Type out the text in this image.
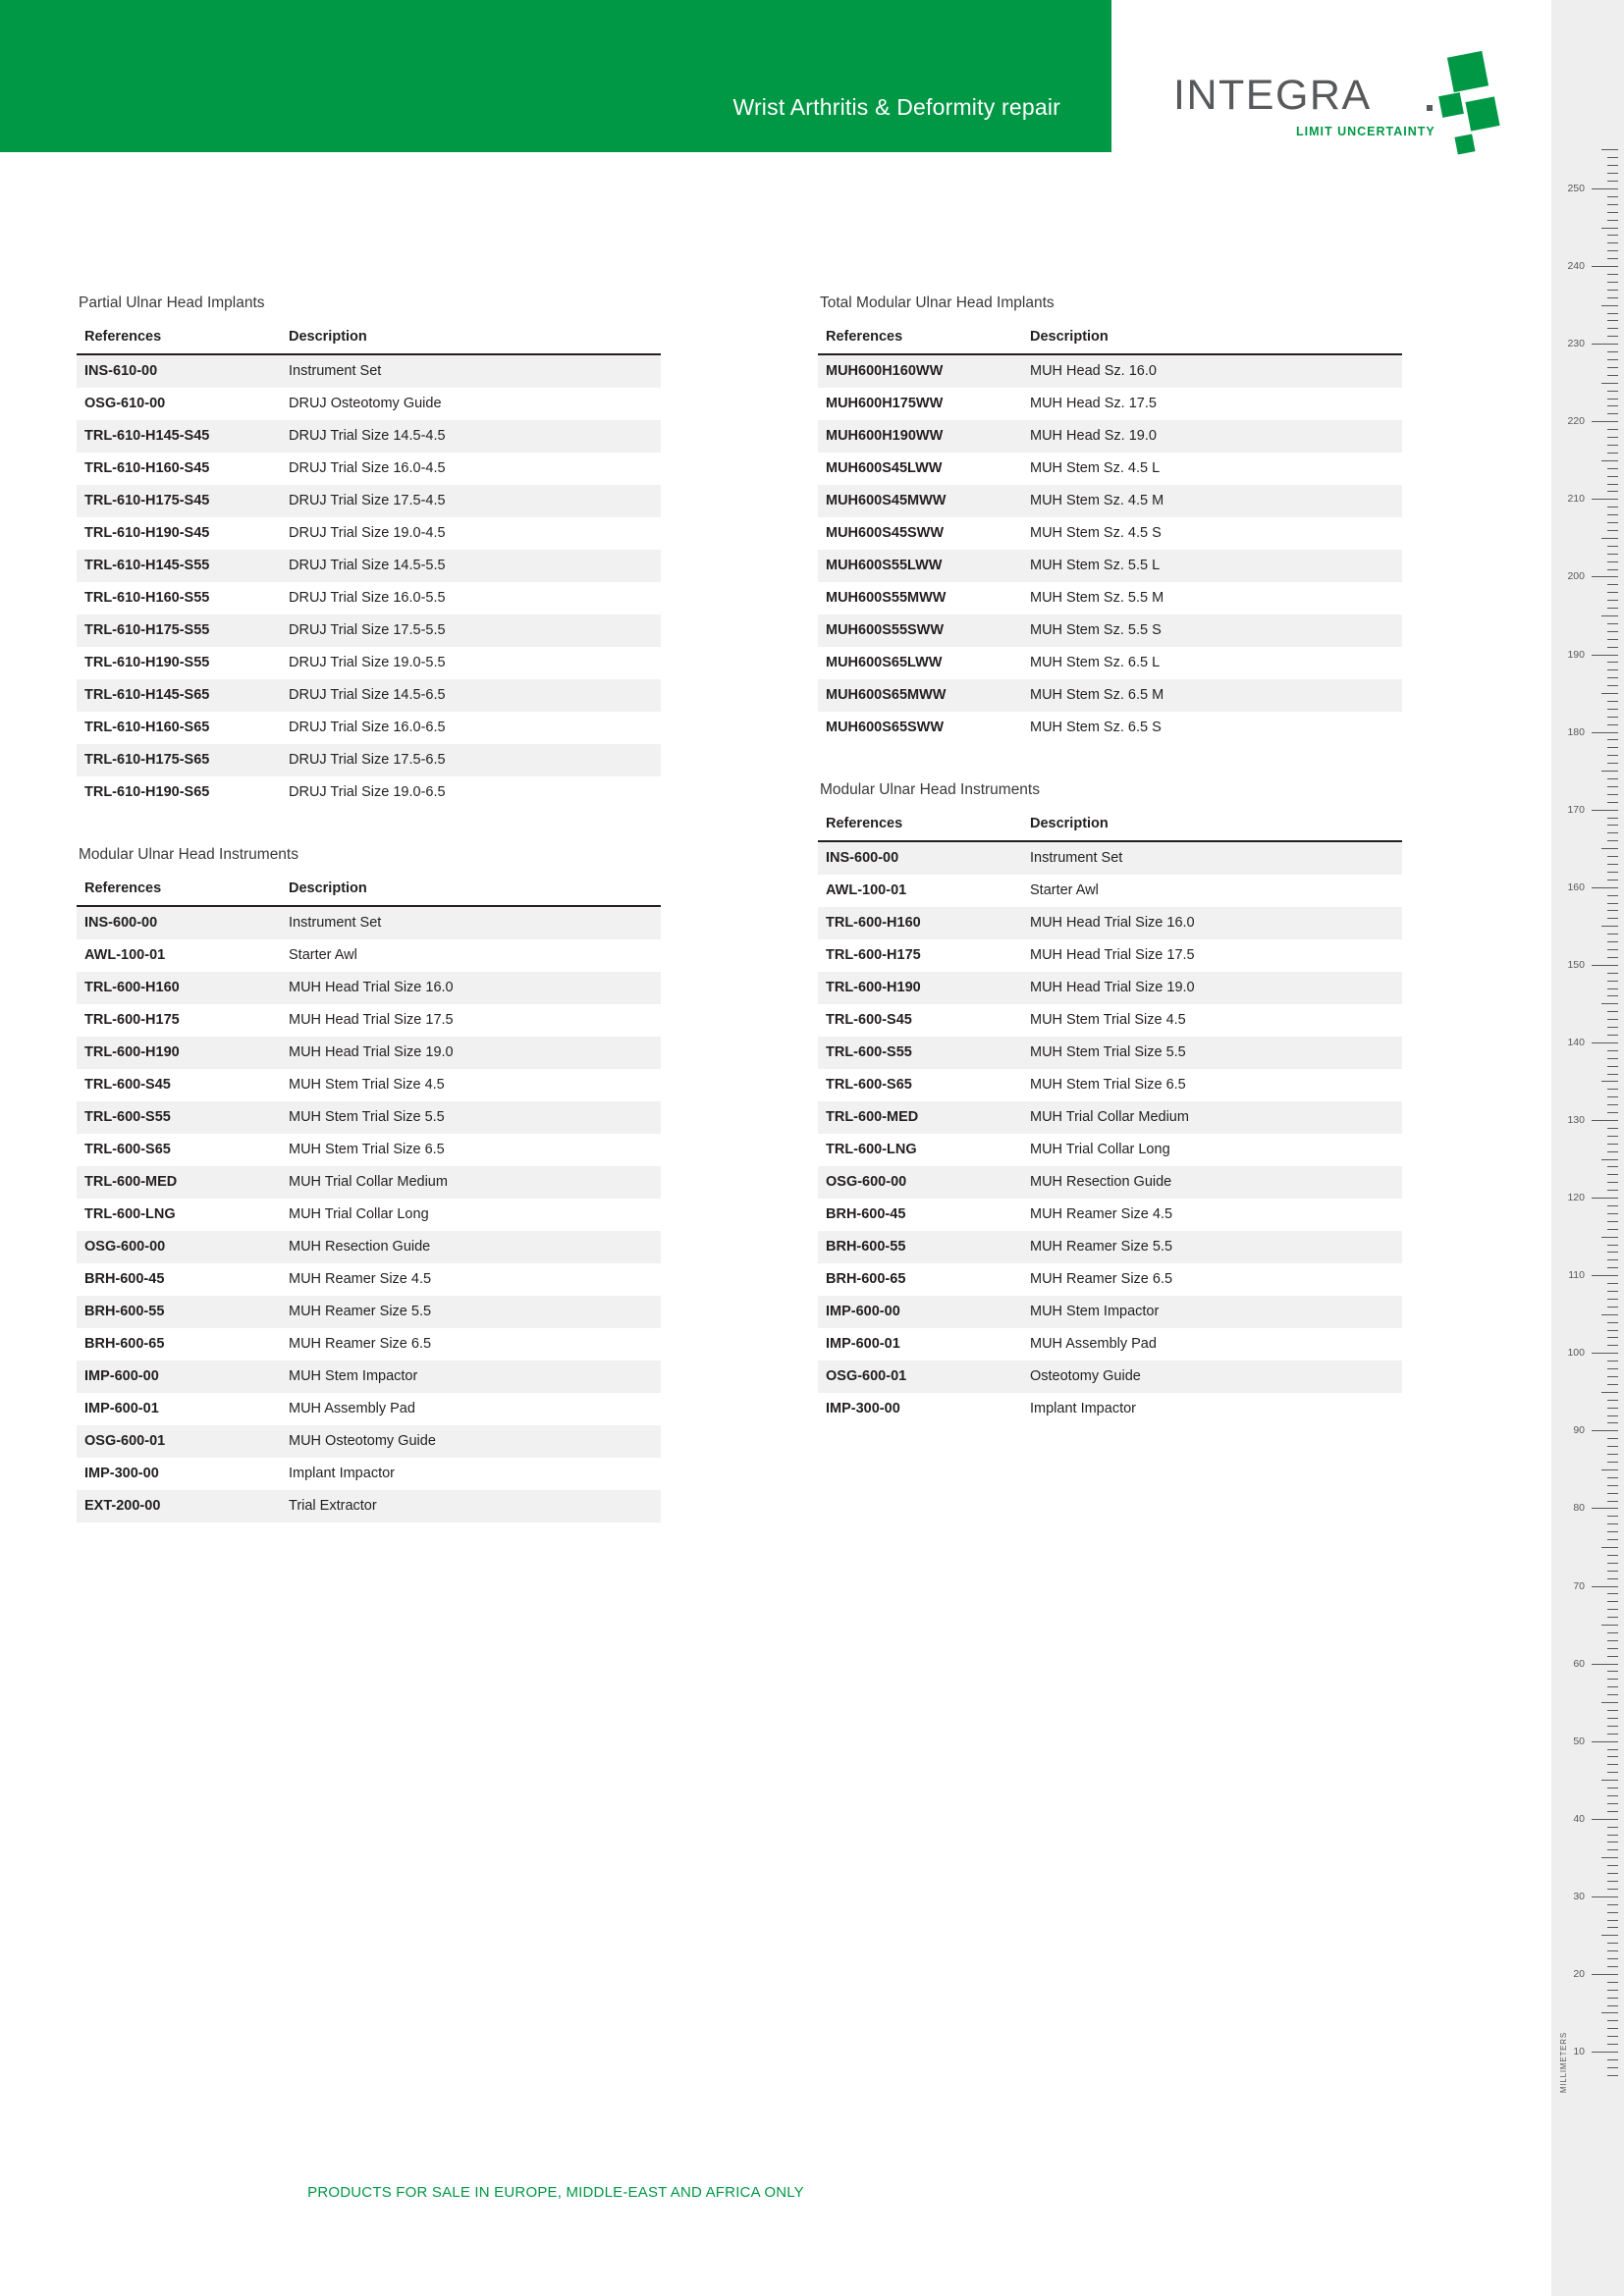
Wrist Arthritis & Deformity repair	INTEGRA
LIMIT UNCERTAINTY
Partial Ulnar Head Implants
References	Description
INS-610-00	Instrument Set
OSG-610-00	DRUJ Osteotomy Guide
TRL-610-H145-S45	DRUJ Trial Size 14.5-4.5
TRL-610-H160-S45	DRUJ Trial Size 16.0-4.5
TRL-610-H175-S45	DRUJ Trial Size 17.5-4.5
TRL-610-H190-S45	DRUJ Trial Size 19.0-4.5
TRL-610-H145-S55	DRUJ Trial Size 14.5-5.5
TRL-610-H160-S55	DRUJ Trial Size 16.0-5.5
TRL-610-H175-S55	DRUJ Trial Size 17.5-5.5
TRL-610-H190-S55	DRUJ Trial Size 19.0-5.5
TRL-610-H145-S65	DRUJ Trial Size 14.5-6.5
TRL-610-H160-S65	DRUJ Trial Size 16.0-6.5
TRL-610-H175-S65	DRUJ Trial Size 17.5-6.5
TRL-610-H190-S65	DRUJ Trial Size 19.0-6.5
Modular Ulnar Head Instruments
References	Description
INS-600-00	Instrument Set
AWL-100-01	Starter Awl
TRL-600-H160	MUH Head Trial Size 16.0
TRL-600-H175	MUH Head Trial Size 17.5
TRL-600-H190	MUH Head Trial Size 19.0
TRL-600-S45	MUH Stem Trial Size 4.5
TRL-600-S55	MUH Stem Trial Size 5.5
TRL-600-S65	MUH Stem Trial Size 6.5
TRL-600-MED	MUH Trial Collar Medium
TRL-600-LNG	MUH Trial Collar Long
OSG-600-00	MUH Resection Guide
BRH-600-45	MUH Reamer Size 4.5
BRH-600-55	MUH Reamer Size 5.5
BRH-600-65	MUH Reamer Size 6.5
IMP-600-00	MUH Stem Impactor
IMP-600-01	MUH Assembly Pad
OSG-600-01	MUH Osteotomy Guide
IMP-300-00	Implant Impactor
EXT-200-00	Trial Extractor
Total Modular Ulnar Head Implants
References	Description
MUH600H160WW	MUH Head Sz. 16.0
MUH600H175WW	MUH Head Sz. 17.5
MUH600H190WW	MUH Head Sz. 19.0
MUH600S45LWW	MUH Stem Sz. 4.5 L
MUH600S45MWW	MUH Stem Sz. 4.5 M
MUH600S45SWW	MUH Stem Sz. 4.5 S
MUH600S55LWW	MUH Stem Sz. 5.5 L
MUH600S55MWW	MUH Stem Sz. 5.5 M
MUH600S55SWW	MUH Stem Sz. 5.5 S
MUH600S65LWW	MUH Stem Sz. 6.5 L
MUH600S65MWW	MUH Stem Sz. 6.5 M
MUH600S65SWW	MUH Stem Sz. 6.5 S
Modular Ulnar Head Instruments
References	Description
INS-600-00	Instrument Set
AWL-100-01	Starter Awl
TRL-600-H160	MUH Head Trial Size 16.0
TRL-600-H175	MUH Head Trial Size 17.5
TRL-600-H190	MUH Head Trial Size 19.0
TRL-600-S45	MUH Stem Trial Size 4.5
TRL-600-S55	MUH Stem Trial Size 5.5
TRL-600-S65	MUH Stem Trial Size 6.5
TRL-600-MED	MUH Trial Collar Medium
TRL-600-LNG	MUH Trial Collar Long
OSG-600-00	MUH Resection Guide
BRH-600-45	MUH Reamer Size 4.5
BRH-600-55	MUH Reamer Size 5.5
BRH-600-65	MUH Reamer Size 6.5
IMP-600-00	MUH Stem Impactor
IMP-600-01	MUH Assembly Pad
OSG-600-01	Osteotomy Guide
IMP-300-00	Implant Impactor
PRODUCTS FOR SALE IN EUROPE, MIDDLE-EAST AND AFRICA ONLY
250
240
230
220
210
200
190
180
170
160
150
140
130
120
110
100
90
80
70
60
50
40
30
20
10
MILLIMETERS
